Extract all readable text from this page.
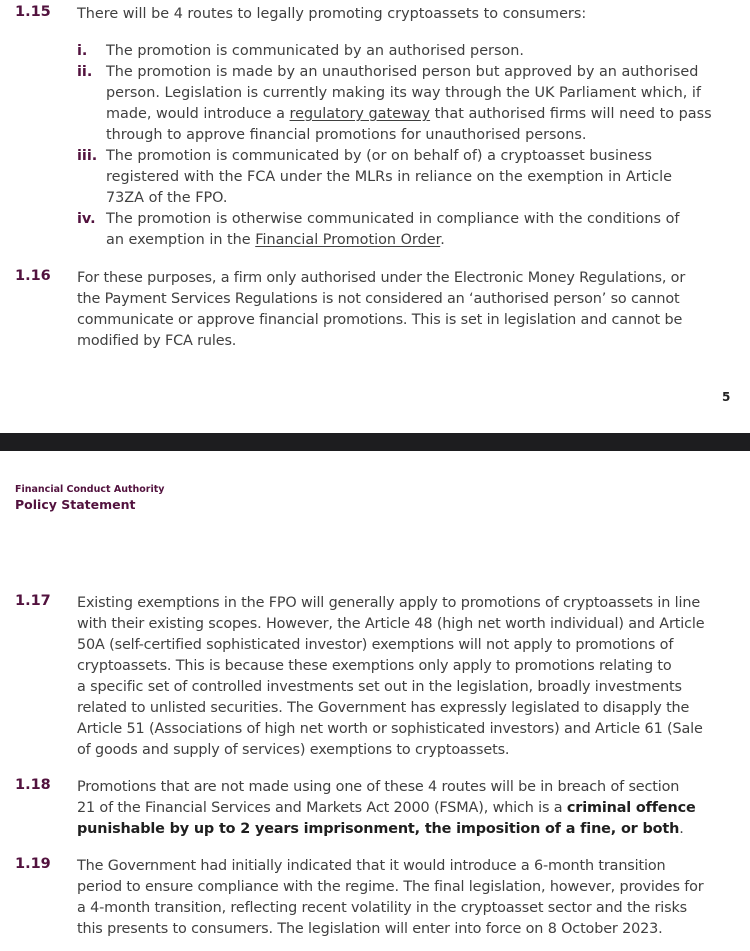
1.15 There will be 4 routes to legally promoting cryptoassets to consumers:
i. The promotion is communicated by an authorised person.
ii. The promotion is made by an unauthorised person but approved by an authorised
person. Legislation is currently making its way through the UK Parliament which, if
made, would introduce a regulatory gateway that authorised firms will need to pass
through to approve financial promotions for unauthorised persons.
iii. The promotion is communicated by (or on behalf of) a cryptoasset business
registered with the FCA under the MLRs in reliance on the exemption in Article
73ZA of the FPO.
iv. The promotion is otherwise communicated in compliance with the conditions of
an exemption in the Financial Promotion Order.
1.16 For these purposes, a firm only authorised under the Electronic Money Regulations, or
the Payment Services Regulations is not considered an ‘authorised person’ so cannot
communicate or approve financial promotions. This is set in legislation and cannot be
modified by FCA rules.
5
Financial Conduct Authority
Policy Statement
1.17 Existing exemptions in the FPO will generally apply to promotions of cryptoassets in line
with their existing scopes. However, the Article 48 (high net worth individual) and Article
50A (self-certified sophisticated investor) exemptions will not apply to promotions of
cryptoassets. This is because these exemptions only apply to promotions relating to
a specific set of controlled investments set out in the legislation, broadly investments
related to unlisted securities. The Government has expressly legislated to disapply the
Article 51 (Associations of high net worth or sophisticated investors) and Article 61 (Sale
of goods and supply of services) exemptions to cryptoassets.
1.18 Promotions that are not made using one of these 4 routes will be in breach of section
21 of the Financial Services and Markets Act 2000 (FSMA), which is a criminal offence
punishable by up to 2 years imprisonment, the imposition of a fine, or both.
1.19 The Government had initially indicated that it would introduce a 6-month transition
period to ensure compliance with the regime. The final legislation, however, provides for
a 4-month transition, reflecting recent volatility in the cryptoasset sector and the risks
this presents to consumers. The legislation will enter into force on 8 October 2023.
